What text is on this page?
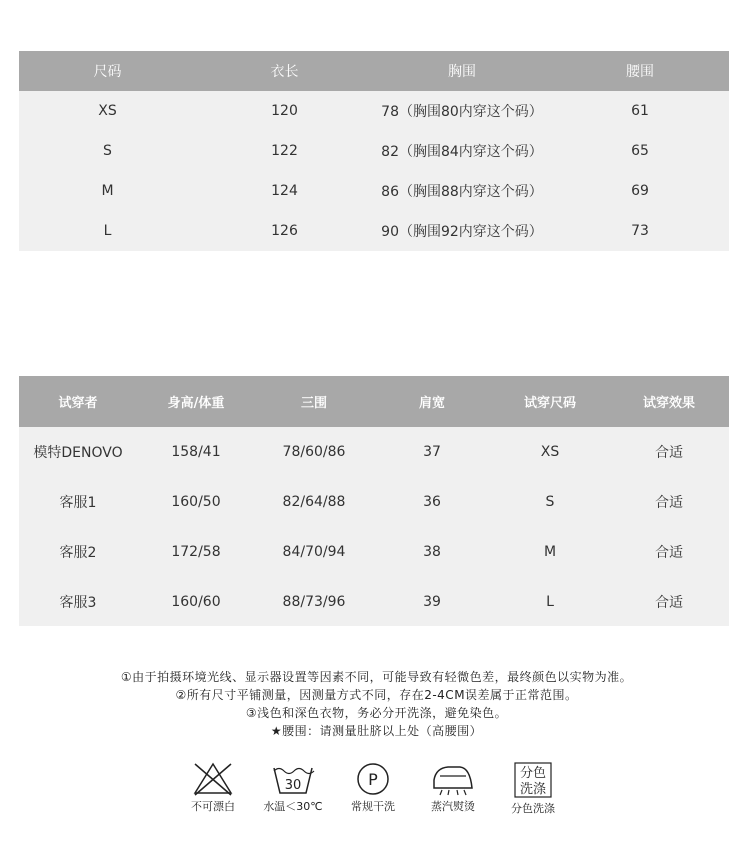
尺码	衣长	胸围	腰围
XS	120	78（胸围80内穿这个码）	61
S	122	82（胸围84内穿这个码）	65
M	124	86（胸围88内穿这个码）	69
L	126	90（胸围92内穿这个码）	73
试穿者	身高/体重	三围	肩宽	试穿尺码	试穿效果
模特DENOVO	158/41	78/60/86	37	XS	合适
客服1	160/50	82/64/88	36	S	合适
客服2	172/58	84/70/94	38	M	合适
客服3	160/60	88/73/96	39	L	合适
①由于拍摄环境光线、显示器设置等因素不同，可能导致有轻微色差，最终颜色以实物为准。
②所有尺寸平铺测量，因测量方式不同，存在2-4CM误差属于正常范围。
③浅色和深色衣物，务必分开洗涤，避免染色。
★腰围：请测量肚脐以上处（高腰围）
不可漂白
30
水温＜30℃
P
常规干洗	蒸汽熨烫
分色
洗涤
分色洗涤
